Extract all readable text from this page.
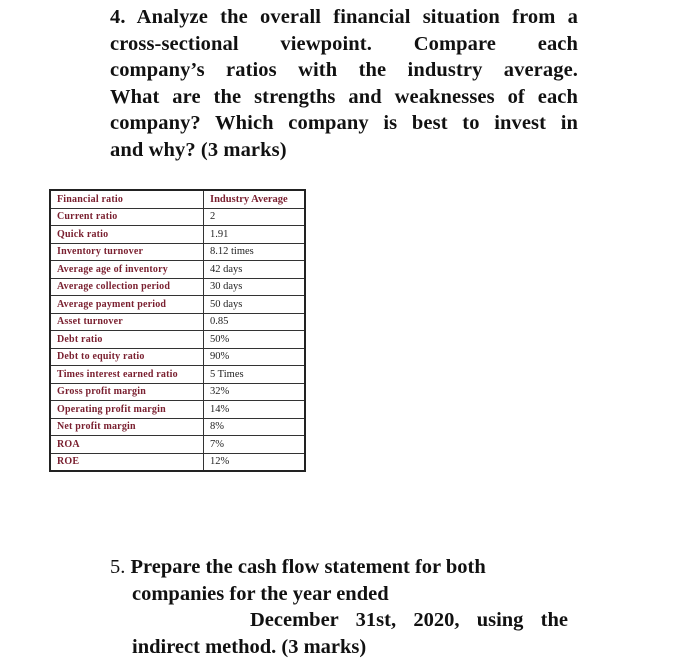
4. Analyze the overall financial situation from a
cross-sectional viewpoint. Compare each
company’s ratios with the industry average.
What are the strengths and weaknesses of each
company? Which company is best to invest in
and why? (3 marks)
Financial ratio	Industry Average
Current ratio	2
Quick ratio	1.91
Inventory turnover	8.12 times
Average age of inventory	42 days
Average collection period	30 days
Average payment period	50 days
Asset turnover	0.85
Debt ratio	50%
Debt to equity ratio	90%
Times interest earned ratio	5 Times
Gross profit margin	32%
Operating profit margin	14%
Net profit margin	8%
ROA	7%
ROE	12%
5. Prepare the cash flow statement for both
companies for the year ended
December 31st, 2020, using the
indirect method. (3 marks)
